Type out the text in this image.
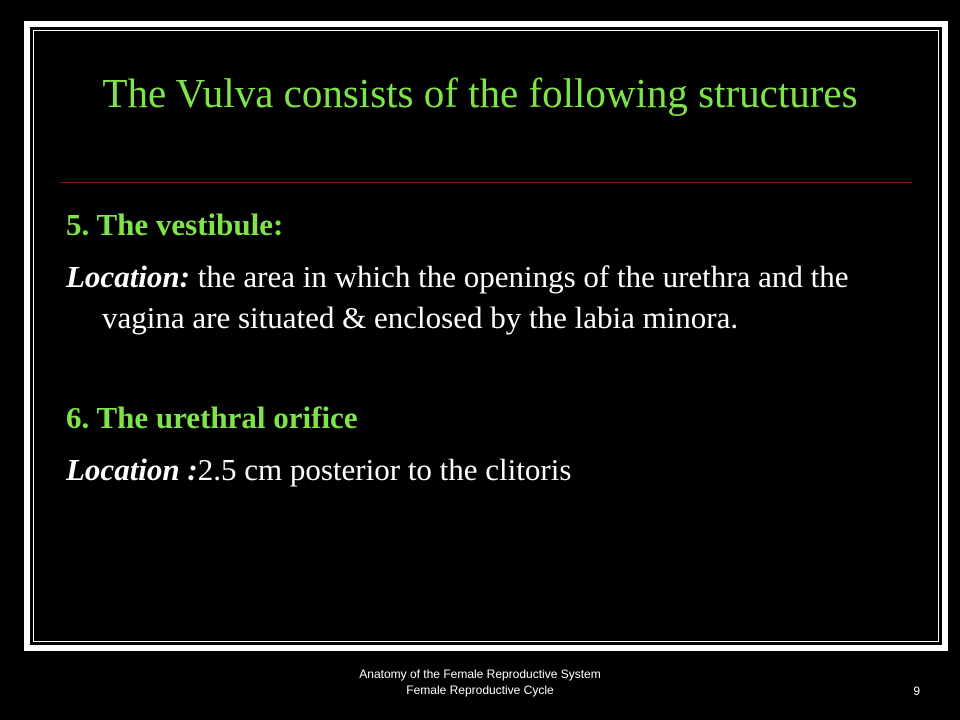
The Vulva consists of the following structures

5. The vestibule:

Location: the area in which the openings of the urethra and the vagina are situated & enclosed by the labia minora.

6. The urethral orifice

Location :2.5 cm posterior to the clitoris

Anatomy of the Female Reproductive System
Female Reproductive Cycle	9
